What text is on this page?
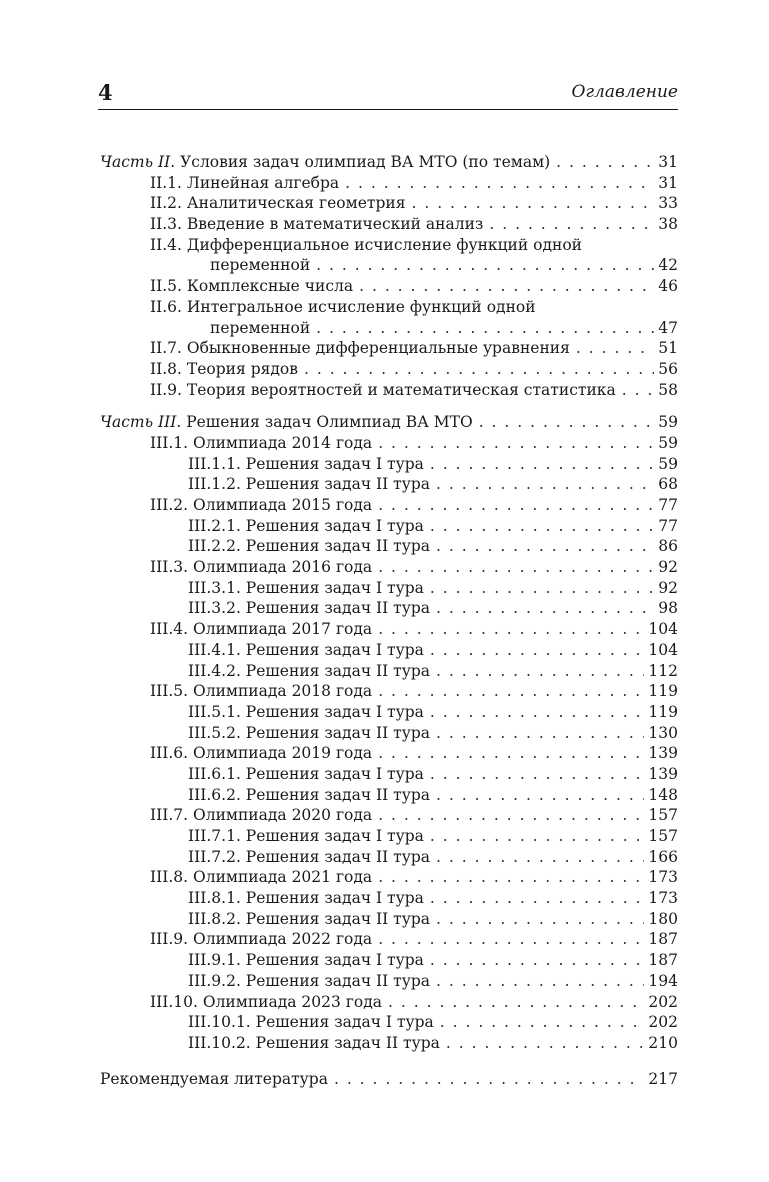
4	Оглавление
Часть II. Условия задач олимпиад ВА МТО (по темам) . . .	31
II.1. Линейная алгебра . . .	31
II.2. Аналитическая геометрия . . .	33
II.3. Введение в математический анализ . . .	38
II.4. Дифференциальное исчисление функций одной
переменной . . .	42
II.5. Комплексные числа . . .	46
II.6. Интегральное исчисление функций одной
переменной . . .	47
II.7. Обыкновенные дифференциальные уравнения . . .	51
II.8. Теория рядов . . .	56
II.9. Теория вероятностей и математическая статистика . . .	58
Часть III. Решения задач Олимпиад ВА МТО . . .	59
III.1. Олимпиада 2014 года . . .	59
III.1.1. Решения задач I тура . . .	59
III.1.2. Решения задач II тура . . .	68
III.2. Олимпиада 2015 года . . .	77
III.2.1. Решения задач I тура . . .	77
III.2.2. Решения задач II тура . . .	86
III.3. Олимпиада 2016 года . . .	92
III.3.1. Решения задач I тура . . .	92
III.3.2. Решения задач II тура . . .	98
III.4. Олимпиада 2017 года . . .	104
III.4.1. Решения задач I тура . . .	104
III.4.2. Решения задач II тура . . .	112
III.5. Олимпиада 2018 года . . .	119
III.5.1. Решения задач I тура . . .	119
III.5.2. Решения задач II тура . . .	130
III.6. Олимпиада 2019 года . . .	139
III.6.1. Решения задач I тура . . .	139
III.6.2. Решения задач II тура . . .	148
III.7. Олимпиада 2020 года . . .	157
III.7.1. Решения задач I тура . . .	157
III.7.2. Решения задач II тура . . .	166
III.8. Олимпиада 2021 года . . .	173
III.8.1. Решения задач I тура . . .	173
III.8.2. Решения задач II тура . . .	180
III.9. Олимпиада 2022 года . . .	187
III.9.1. Решения задач I тура . . .	187
III.9.2. Решения задач II тура . . .	194
III.10. Олимпиада 2023 года . . .	202
III.10.1. Решения задач I тура . . .	202
III.10.2. Решения задач II тура . . .	210
Рекомендуемая литература . . .	217
